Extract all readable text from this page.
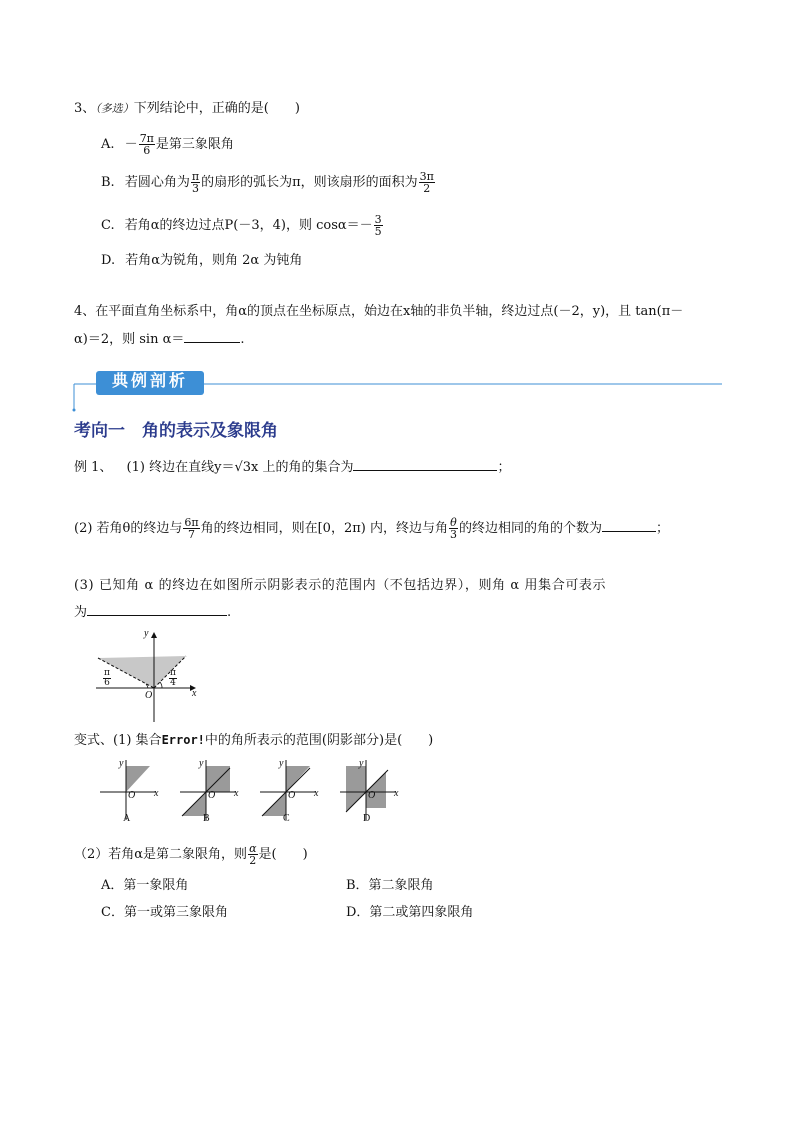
3、（多选）下列结论中，正确的是(　　)
A. － $\frac{7\pi}{6}$ 是第三象限角
B. 若圆心角为 $\frac{\pi}{3}$ 的扇形的弧长为π，则该扇形的面积为 $\frac{3\pi}{2}$
C. 若角α的终边过点P(－3，4)，则 $\cos\alpha=- \frac{3}{5}$
D. 若角α为锐角，则角 2α 为钝角
4、在平面直角坐标系中，角α的顶点在坐标原点，始边在x轴的非负半轴，终边过点(－2，y)，且 tan(π－
α)＝2，则 sin α＝	.
典例剖析
考向一　角的表示及象限角
例 1、 (1) 终边在直线y＝√3x 上的角的集合为	；
(2) 若角θ的终边与 $\frac{6\pi}{7}$ 角的终边相同，则在[0，2π) 内，终边与角 $\frac{\theta}{3}$ 的终边相同的角的个数为	；
(3) 已知角 α 的终边在如图所示阴影表示的范围内（不包括边界），则角 α 用集合可表示
为	.
y
x
O
$\frac{\pi}{6}$	$\frac{\pi}{4}$
变式、(1) 集合Error!中的角所表示的范围(阴影部分)是(　　)
y
x
O
y
x
O
y
x
O
y
x
O
A	B	C	D
（2）若角α是第二象限角，则 $\frac{\alpha}{2}$ 是(　　)
A．第一象限角	B．第二象限角
C．第一或第三象限角	D．第二或第四象限角
